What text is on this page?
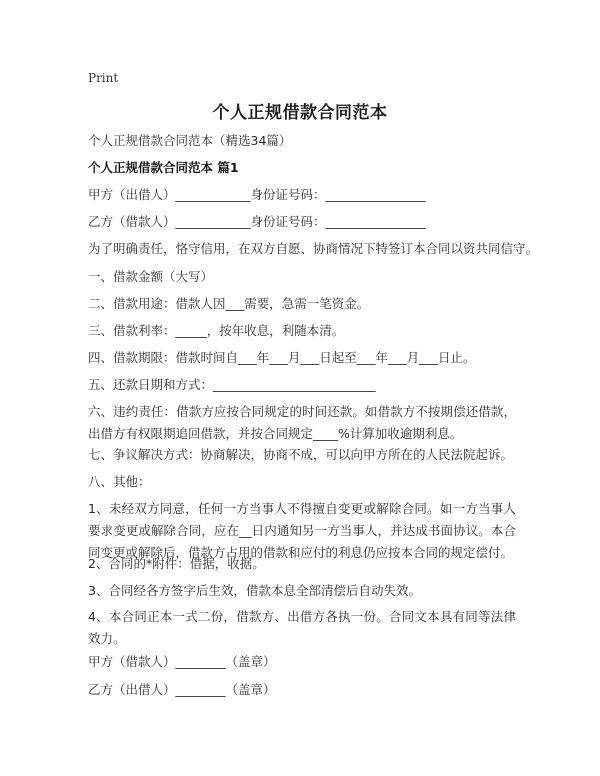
Print
个人正规借款合同范本
个人正规借款合同范本（精选34篇）
个人正规借款合同范本 篇1
甲方（出借人）____________身份证号码：________________
乙方（借款人）____________身份证号码：________________
为了明确责任，恪守信用，在双方自愿、协商情况下特签订本合同以资共同信守。
一、借款金额（大写）
二、借款用途：借款人因___需要，急需一笔资金。
三、借款利率：_____，按年收息，利随本清。
四、借款期限：借款时间自___年___月___日起至___年___月___日止。
五、还款日期和方式：__________________________
六、违约责任：借款方应按合同规定的时间还款。如借款方不按期偿还借款，出借方有权限期追回借款，并按合同规定____%计算加收逾期利息。
七、争议解决方式：协商解决，协商不成，可以向甲方所在的人民法院起诉。
八、其他：
1、未经双方同意，任何一方当事人不得擅自变更或解除合同。如一方当事人要求变更或解除合同，应在__日内通知另一方当事人，并达成书面协议。本合同变更或解除后，借款方占用的借款和应付的利息仍应按本合同的规定偿付。
2、合同的*附件：借据，收据。
3、合同经各方签字后生效，借款本息全部清偿后自动失效。
4、本合同正本一式二份，借款方、出借方各执一份。合同文本具有同等法律效力。
甲方（借款人）________（盖章）
乙方（出借人）________（盖章）
